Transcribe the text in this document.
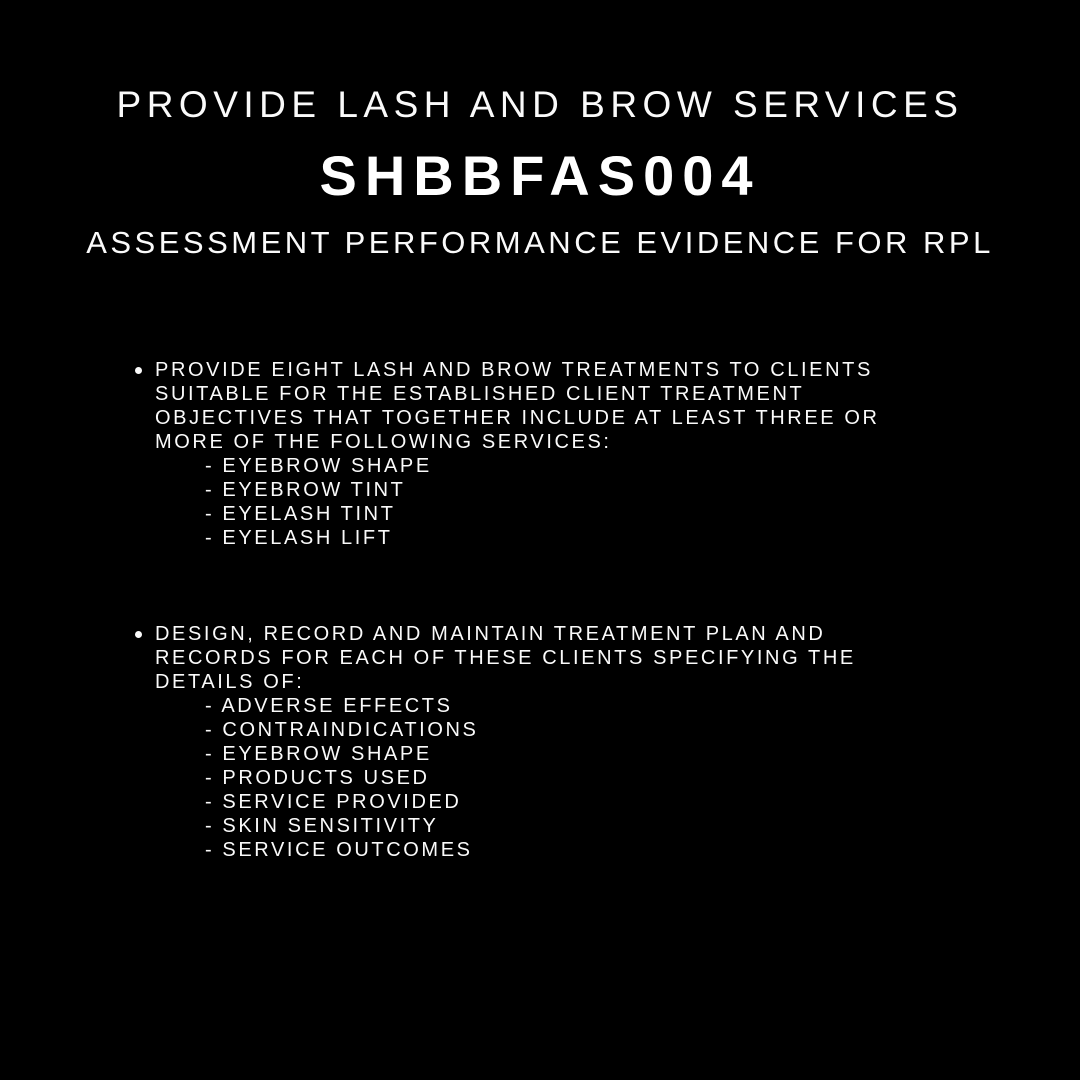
PROVIDE LASH AND BROW SERVICES
SHBBFAS004
ASSESSMENT PERFORMANCE EVIDENCE FOR RPL
PROVIDE EIGHT LASH AND BROW TREATMENTS TO CLIENTS
SUITABLE FOR THE ESTABLISHED CLIENT TREATMENT
OBJECTIVES THAT TOGETHER INCLUDE AT LEAST THREE OR
MORE OF THE FOLLOWING SERVICES:
- EYEBROW SHAPE
- EYEBROW TINT
- EYELASH TINT
- EYELASH LIFT
DESIGN, RECORD AND MAINTAIN TREATMENT PLAN AND
RECORDS FOR EACH OF THESE CLIENTS SPECIFYING THE
DETAILS OF:
- ADVERSE EFFECTS
- CONTRAINDICATIONS
- EYEBROW SHAPE
- PRODUCTS USED
- SERVICE PROVIDED
- SKIN SENSITIVITY
- SERVICE OUTCOMES
